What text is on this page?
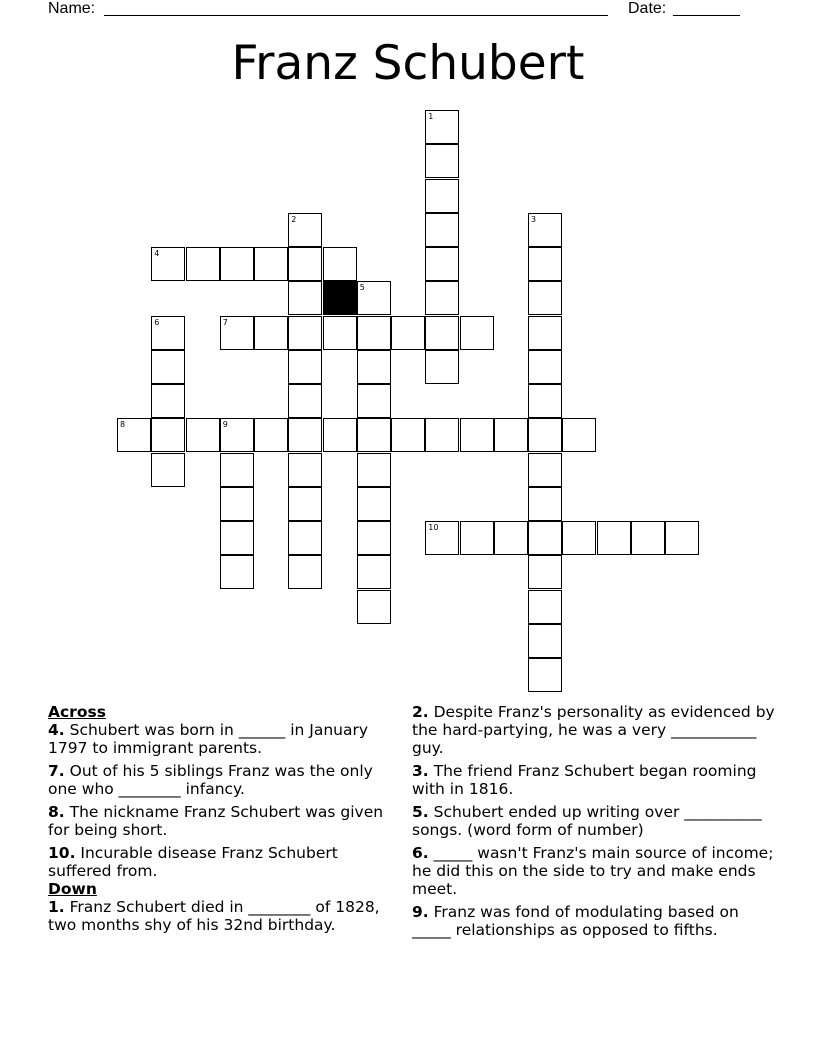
Name:	Date:
Franz Schubert
1
2	3
4
5
6	7
8	9
10

Across

4. Schubert was born in ______ in January 1797 to immigrant parents.

7. Out of his 5 siblings Franz was the only one who ________ infancy.

8. The nickname Franz Schubert was given for being short.

10. Incurable disease Franz Schubert suffered from.

Down

1. Franz Schubert died in ________ of 1828, two months shy of his 32nd birthday.

2. Despite Franz's personality as evidenced by the hard-partying, he was a very ___________ guy.

3. The friend Franz Schubert began rooming with in 1816.

5. Schubert ended up writing over __________ songs. (word form of number)

6. _____ wasn't Franz's main source of income; he did this on the side to try and make ends meet.

9. Franz was fond of modulating based on _____ relationships as opposed to fifths.
